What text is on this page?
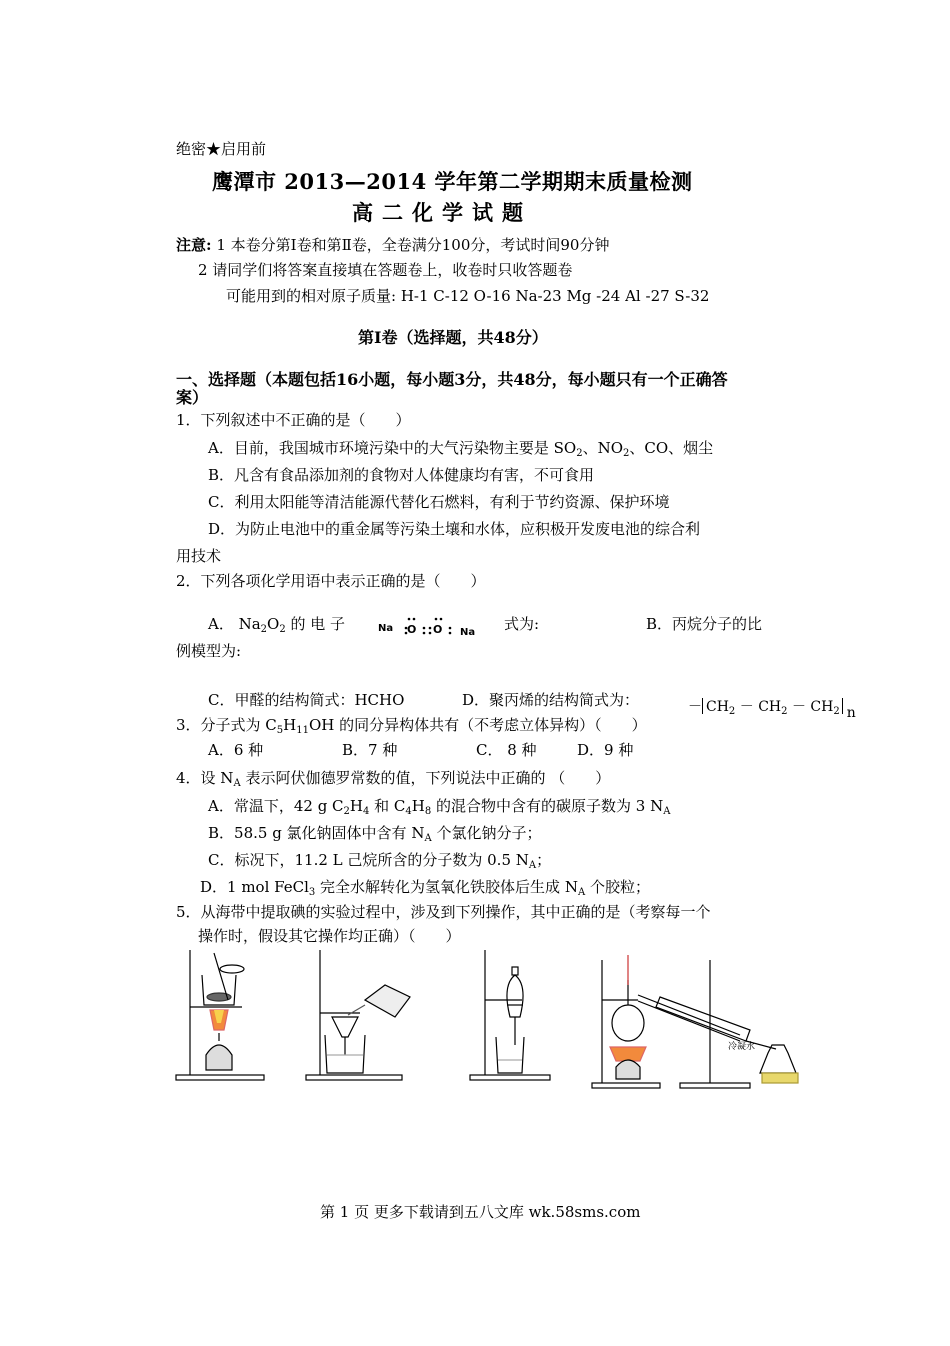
绝密★启用前
鹰潭市 2013—2014 学年第二学期期末质量检测
高二化学试题
注意: 1 本卷分第Ⅰ卷和第Ⅱ卷，全卷满分100分，考试时间90分钟
2 请同学们将答案直接填在答题卷上，收卷时只收答题卷
可能用到的相对原子质量: H-1 C-12 O-16 Na-23 Mg -24 Al -27 S-32
第Ⅰ卷（选择题，共48分）
一、选择题（本题包括16小题，每小题3分，共48分，每小题只有一个正确答
案）
1．下列叙述中不正确的是（　　）
A．目前，我国城市环境污染中的大气污染物主要是 $SO_2$、$NO_2$、CO、烟尘
B．凡含有食品添加剂的食物对人体健康均有害，不可食用
C．利用太阳能等清洁能源代替化石燃料，有利于节约资源、保护环境
D．为防止电池中的重金属等污染土壤和水体，应积极开发废电池的综合利
用技术
2．下列各项化学用语中表示正确的是（　　）
A． $Na_2O_2$ 的 电 子	Na O O Na 式为:	B．丙烷分子的比
例模型为:
C．甲醛的结构简式：HCHO	D．聚丙烯的结构简式为：	－ $CH_2 - CH_2 - CH_2$ n
3．分子式为 $C_5H_{11}OH$ 的同分异构体共有（不考虑立体异构）（　　）
A．6 种	B．7 种	C． 8 种	D．9 种
4．设 $N_A$ 表示阿伏伽德罗常数的值，下列说法中正确的 （　　）
A．常温下，42 g $C_2H_4$ 和 $C_4H_8$ 的混合物中含有的碳原子数为 3 $N_A$
B．58.5 g 氯化钠固体中含有 $N_A$ 个氯化钠分子；
C．标况下，11.2 L 己烷所含的分子数为 0.5 $N_A$；
D．1 mol FeCl$_3$ 完全水解转化为氢氧化铁胶体后生成 $N_A$ 个胶粒；
5．从海带中提取碘的实验过程中，涉及到下列操作，其中正确的是（考察每一个
操作时，假设其它操作均正确）（　　）
冷凝水
第 1 页 更多下载请到五八文库 wk.58sms.com
